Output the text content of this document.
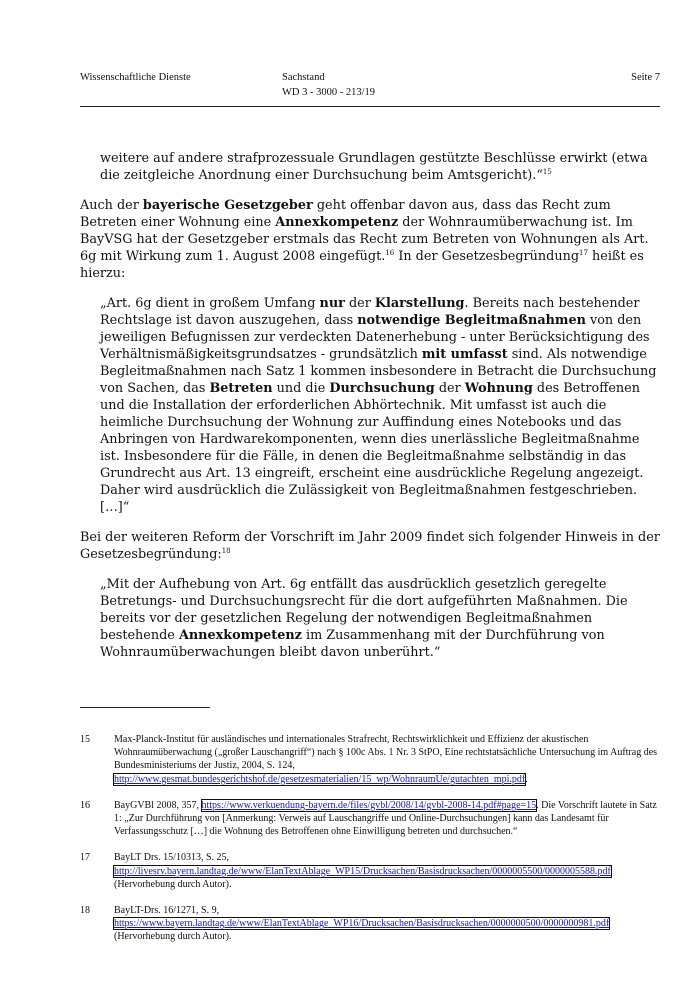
Wissenschaftliche Dienste	Sachstand
WD 3 - 3000 - 213/19
Seite 7

weitere auf andere strafprozessuale Grundlagen gestützte Beschlüsse erwirkt (etwa die zeitgleiche Anordnung einer Durchsuchung beim Amtsgericht).“$^{15}$

Auch der bayerische Gesetzgeber geht offenbar davon aus, dass das Recht zum Betreten einer Wohnung eine Annexkompetenz der Wohnraumüberwachung ist. Im BayVSG hat der Gesetzgeber erstmals das Recht zum Betreten von Wohnungen als Art. 6g mit Wirkung zum 1. August 2008 eingefügt.$^{16}$ In der Gesetzesbegründung$^{17}$ heißt es hierzu:

„Art. 6g dient in großem Umfang nur der Klarstellung. Bereits nach bestehender Rechtslage ist davon auszugehen, dass notwendige Begleitmaßnahmen von den jeweiligen Befugnissen zur verdeckten Datenerhebung - unter Berücksichtigung des Verhältnismäßigkeitsgrundsatzes - grundsätzlich mit umfasst sind. Als notwendige Begleitmaßnahmen nach Satz 1 kommen insbesondere in Betracht die Durchsuchung von Sachen, das Betreten und die Durchsuchung der Wohnung des Betroffenen und die Installation der erforderlichen Abhörtechnik. Mit umfasst ist auch die heimliche Durchsuchung der Wohnung zur Auffindung eines Notebooks und das Anbringen von Hardwarekomponenten, wenn dies unerlässliche Begleitmaßnahme ist. Insbesondere für die Fälle, in denen die Begleitmaßnahme selbständig in das Grundrecht aus Art. 13 eingreift, erscheint eine ausdrückliche Regelung angezeigt. Daher wird ausdrücklich die Zulässigkeit von Begleitmaßnahmen festgeschrieben. […]“

Bei der weiteren Reform der Vorschrift im Jahr 2009 findet sich folgender Hinweis in der Gesetzesbegründung:$^{18}$

„Mit der Aufhebung von Art. 6g entfällt das ausdrücklich gesetzlich geregelte Betretungs- und Durchsuchungsrecht für die dort aufgeführten Maßnahmen. Die bereits vor der gesetzlichen Regelung der notwendigen Begleitmaßnahmen bestehende Annexkompetenz im Zusammenhang mit der Durchführung von Wohnraumüberwachungen bleibt davon unberührt.“

15 Max-Planck-Institut für ausländisches und internationales Strafrecht, Rechtswirklichkeit und Effizienz der akustischen Wohnraumüberwachung („großer Lauschangriff“) nach § 100c Abs. 1 Nr. 3 StPO, Eine rechtstatsächliche Untersuchung im Auftrag des Bundesministeriums der Justiz, 2004, S. 124, http://www.gesmat.bundesgerichtshof.de/gesetzesmaterialien/15_wp/WohnraumUe/gutachten_mpi.pdf.
16 BayGVBl 2008, 357, https://www.verkuendung-bayern.de/files/gvbl/2008/14/gvbl-2008-14.pdf#page=15. Die Vorschrift lautete in Satz 1: „Zur Durchführung von [Anmerkung: Verweis auf Lauschangriffe und Online-Durchsuchungen] kann das Landesamt für Verfassungsschutz […] die Wohnung des Betroffenen ohne Einwilligung betreten und durchsuchen.“
17 BayLT Drs. 15/10313, S. 25, http://livesrv.bayern.landtag.de/www/ElanTextAblage_WP15/Drucksachen/Basisdrucksachen/0000005500/0000005588.pdf (Hervorhebung durch Autor).
18 BayLT-Drs. 16/1271, S. 9, https://www.bayern.landtag.de/www/ElanTextAblage_WP16/Drucksachen/Basisdrucksachen/0000000500/0000000981.pdf (Hervorhebung durch Autor).
